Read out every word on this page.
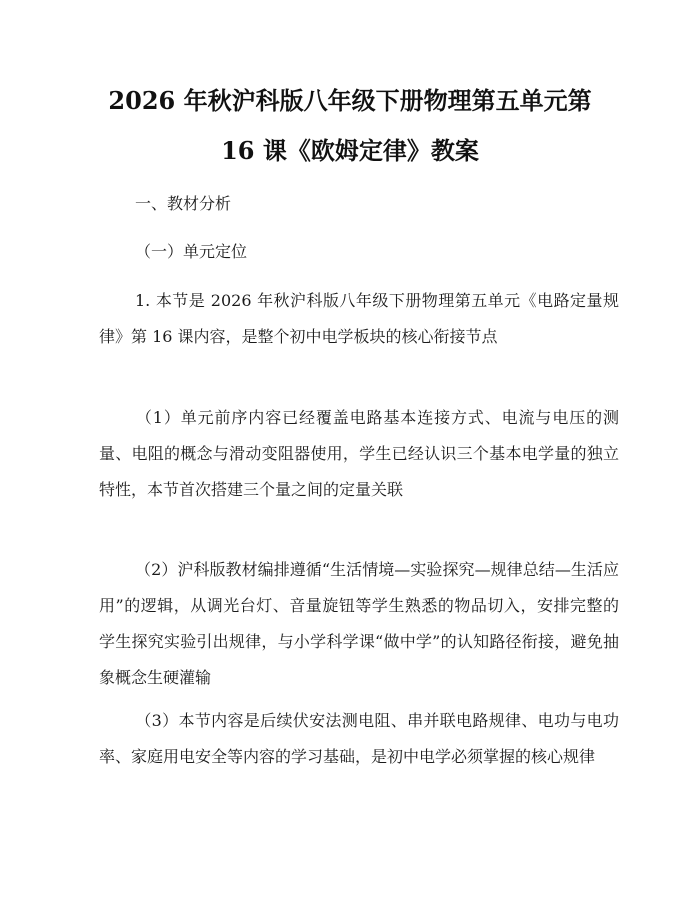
2026 年秋沪科版八年级下册物理第五单元第
16 课《欧姆定律》教案
一、教材分析
（一）单元定位
1. 本节是 2026 年秋沪科版八年级下册物理第五单元《电路定量规律》第 16 课内容，是整个初中电学板块的核心衔接节点
（1）单元前序内容已经覆盖电路基本连接方式、电流与电压的测量、电阻的概念与滑动变阻器使用，学生已经认识三个基本电学量的独立特性，本节首次搭建三个量之间的定量关联
（2）沪科版教材编排遵循“生活情境—实验探究—规律总结—生活应用”的逻辑，从调光台灯、音量旋钮等学生熟悉的物品切入，安排完整的学生探究实验引出规律，与小学科学课“做中学”的认知路径衔接，避免抽象概念生硬灌输
（3）本节内容是后续伏安法测电阻、串并联电路规律、电功与电功率、家庭用电安全等内容的学习基础，是初中电学必须掌握的核心规律
